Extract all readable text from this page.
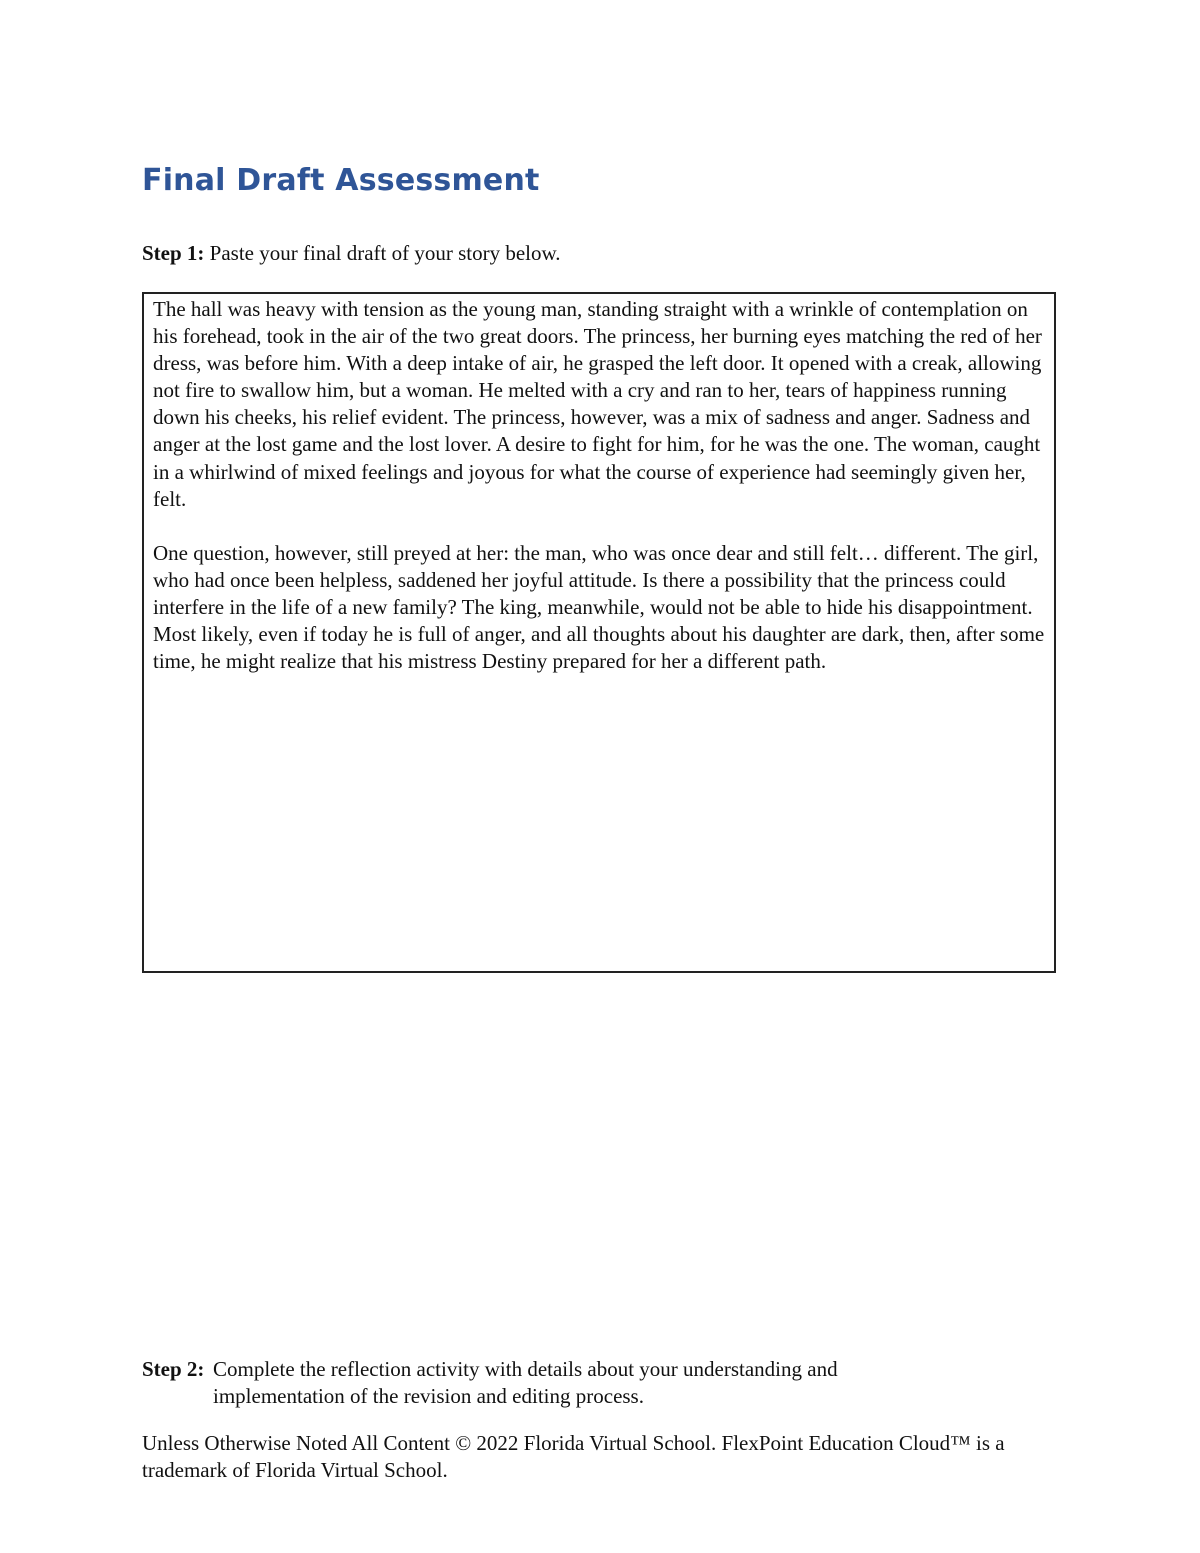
Final Draft Assessment
Step 1: Paste your final draft of your story below.

The hall was heavy with tension as the young man, standing straight with a wrinkle of contemplation on his forehead, took in the air of the two great doors. The princess, her burning eyes matching the red of her dress, was before him. With a deep intake of air, he grasped the left door. It opened with a creak, allowing not fire to swallow him, but a woman. He melted with a cry and ran to her, tears of happiness running down his cheeks, his relief evident. The princess, however, was a mix of sadness and anger. Sadness and anger at the lost game and the lost lover. A desire to fight for him, for he was the one. The woman, caught in a whirlwind of mixed feelings and joyous for what the course of experience had seemingly given her, felt.

One question, however, still preyed at her: the man, who was once dear and still felt… different. The girl, who had once been helpless, saddened her joyful attitude. Is there a possibility that the princess could interfere in the life of a new family? The king, meanwhile, would not be able to hide his disappointment. Most likely, even if today he is full of anger, and all thoughts about his daughter are dark, then, after some time, he might realize that his mistress Destiny prepared for her a different path.

Step 2: Complete the reflection activity with details about your understanding and implementation of the revision and editing process.

Unless Otherwise Noted All Content © 2022 Florida Virtual School. FlexPoint Education Cloud™ is a trademark of Florida Virtual School.
